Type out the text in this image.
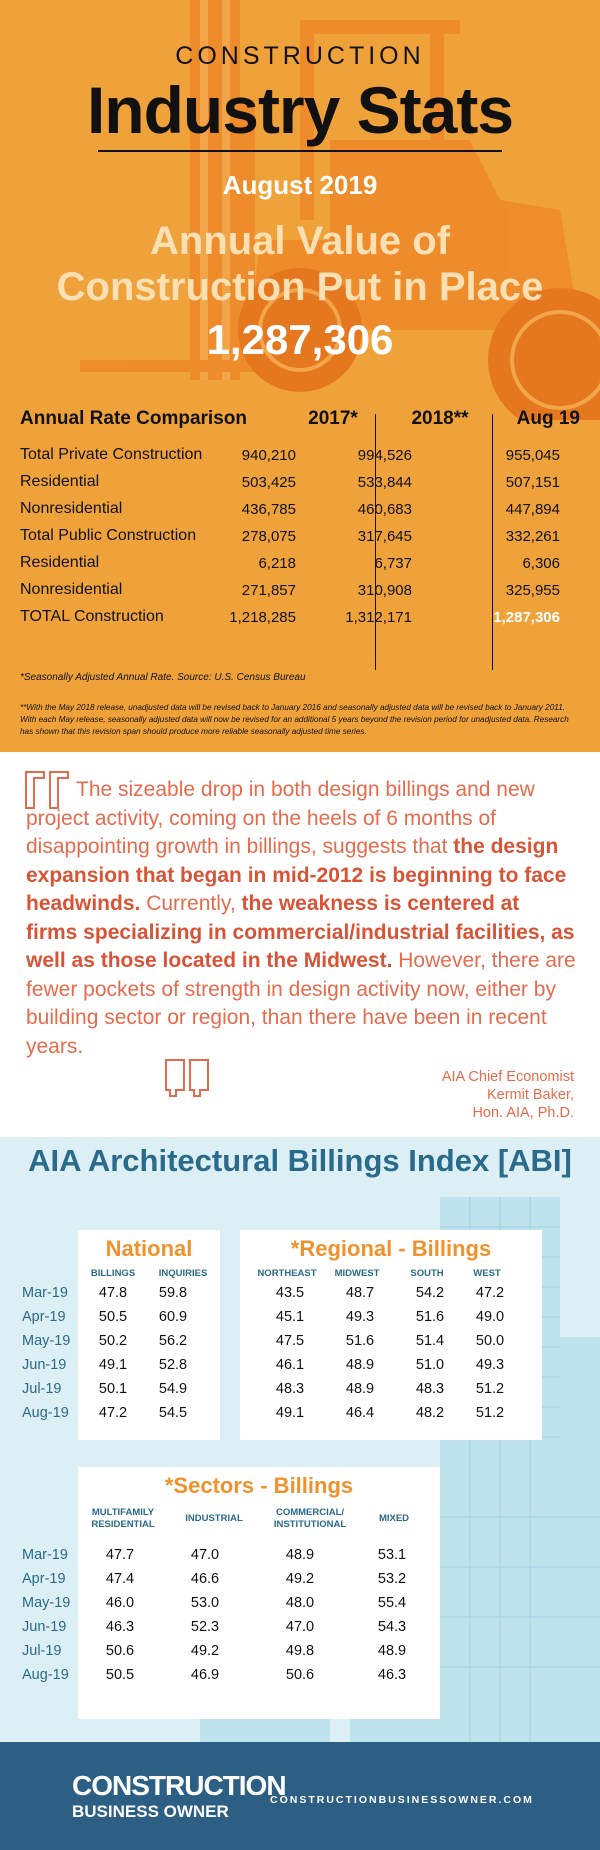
CONSTRUCTION
Industry Stats
August 2019
Annual Value of
Construction Put in Place
1,287,306
Annual Rate Comparison	2017*	2018**	Aug 19
Total Private Construction	940,210	994,526	955,045
Residential	503,425	533,844	507,151
Nonresidential	436,785	460,683	447,894
Total Public Construction	278,075	317,645	332,261
Residential	6,218	6,737	6,306
Nonresidential	271,857	310,908	325,955
TOTAL Construction	1,218,285	1,312,171	1,287,306
*Seasonally Adjusted Annual Rate. Source: U.S. Census Bureau
**With the May 2018 release, unadjusted data will be revised back to January 2016 and seasonally adjusted data will be revised back to January 2011. With each May release, seasonally adjusted data will now be revised for an additional 5 years beyond the revision period for unadjusted data. Research has shown that this revision span should produce more reliable seasonally adjusted time series.
The sizeable drop in both design billings and new project activity, coming on the heels of 6 months of disappointing growth in billings, suggests that the design expansion that began in mid-2012 is beginning to face headwinds. Currently, the weakness is centered at firms specializing in commercial/industrial facilities, as well as those located in the Midwest. However, there are fewer pockets of strength in design activity now, either by building sector or region, than there have been in recent years.
AIA Chief Economist
Kermit Baker,
Hon. AIA, Ph.D.
AIA Architectural Billings Index [ABI]
National
BILLINGS	INQUIRIES
*Regional - Billings
NORTHEAST	MIDWEST	SOUTH	WEST
*Sectors - Billings
MULTIFAMILY
RESIDENTIAL
INDUSTRIAL
COMMERCIAL/
INSTITUTIONAL
MIXED
Mar-19	47.8	59.8	43.5	48.7	54.2	47.2
Apr-19	50.5	60.9	45.1	49.3	51.6	49.0
May-19	50.2	56.2	47.5	51.6	51.4	50.0
Jun-19	49.1	52.8	46.1	48.9	51.0	49.3
Jul-19	50.1	54.9	48.3	48.9	48.3	51.2
Aug-19	47.2	54.5	49.1	46.4	48.2	51.2
Mar-19	47.7	47.0	48.9	53.1
Apr-19	47.4	46.6	49.2	53.2
May-19	46.0	53.0	48.0	55.4
Jun-19	46.3	52.3	47.0	54.3
Jul-19	50.6	49.2	49.8	48.9
Aug-19	50.5	46.9	50.6	46.3
CONSTRUCTION
BUSINESS OWNER
CONSTRUCTIONBUSINESSOWNER.COM
